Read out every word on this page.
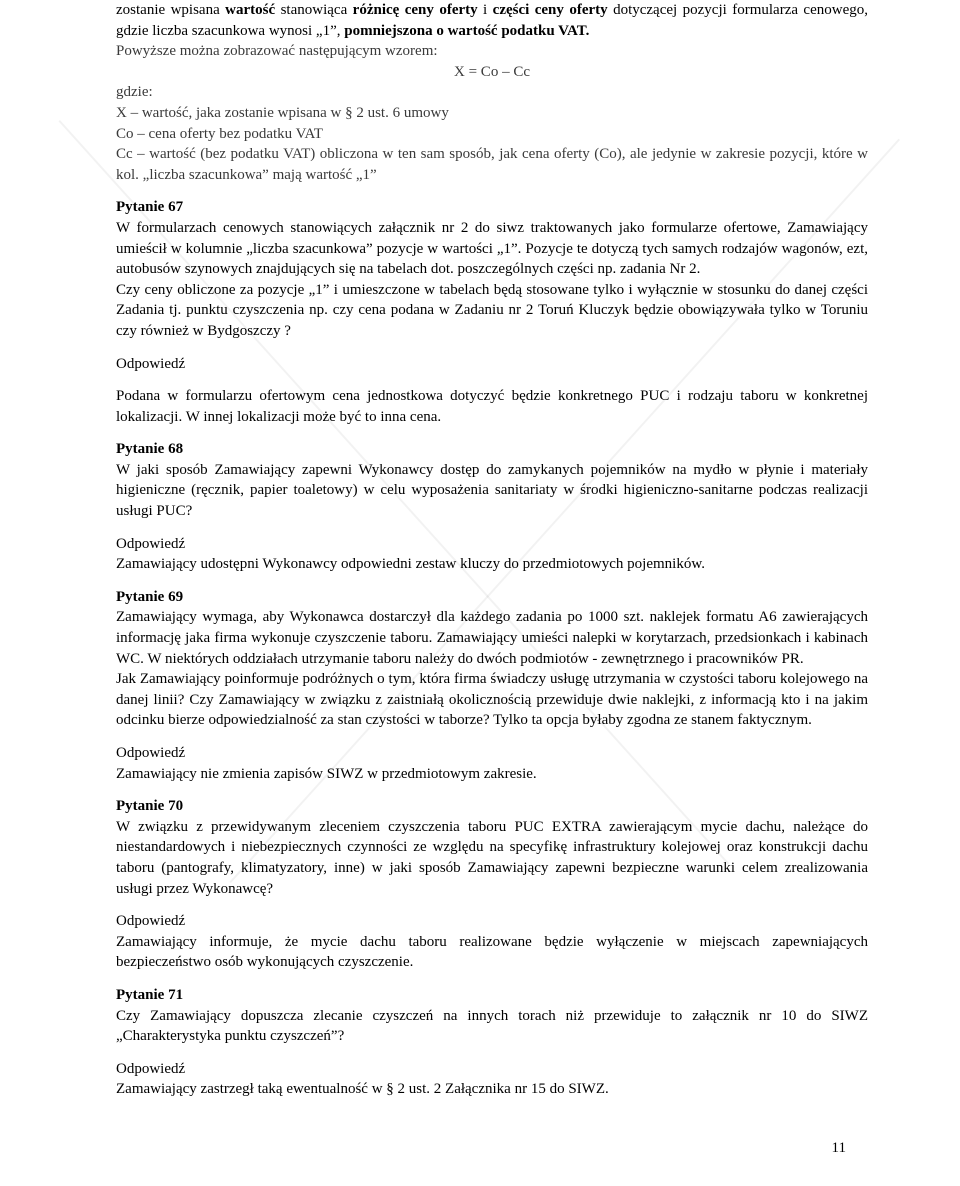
zostanie wpisana wartość stanowiąca różnicę ceny oferty i części ceny oferty dotyczącej pozycji formularza cenowego, gdzie liczba szacunkowa wynosi „1”, pomniejszona o wartość podatku VAT.

Powyższe można zobrazować następującym wzorem:

X = Co – Cc

gdzie:

X – wartość, jaka zostanie wpisana w § 2 ust. 6 umowy

Co – cena oferty bez podatku VAT

Cc – wartość (bez podatku VAT) obliczona w ten sam sposób, jak cena oferty (Co), ale jedynie w zakresie pozycji, które w kol. „liczba szacunkowa” mają wartość „1”

Pytanie 67

W formularzach cenowych stanowiących załącznik nr 2 do siwz traktowanych jako formularze ofertowe, Zamawiający umieścił w kolumnie „liczba szacunkowa” pozycje w wartości „1”. Pozycje te dotyczą tych samych rodzajów wagonów, ezt, autobusów szynowych znajdujących się na tabelach dot. poszczególnych części np. zadania Nr 2.

Czy ceny obliczone za pozycje „1” i umieszczone w tabelach będą stosowane tylko i wyłącznie w stosunku do danej części Zadania tj. punktu czyszczenia np. czy cena podana w Zadaniu nr 2 Toruń Kluczyk będzie obowiązywała tylko w Toruniu czy również w Bydgoszczy ?

Odpowiedź

Podana w formularzu ofertowym cena jednostkowa dotyczyć będzie konkretnego PUC i rodzaju taboru w konkretnej lokalizacji. W innej lokalizacji może być to inna cena.

Pytanie 68

W jaki sposób Zamawiający zapewni Wykonawcy dostęp do zamykanych pojemników na mydło w płynie i materiały higieniczne (ręcznik, papier toaletowy) w celu wyposażenia sanitariaty w środki higieniczno-sanitarne podczas realizacji usługi PUC?

Odpowiedź

Zamawiający udostępni Wykonawcy odpowiedni zestaw kluczy do przedmiotowych pojemników.

Pytanie 69

Zamawiający wymaga, aby Wykonawca dostarczył dla każdego zadania po 1000 szt. naklejek formatu A6 zawierających informację jaka firma wykonuje czyszczenie taboru. Zamawiający umieści nalepki w korytarzach, przedsionkach i kabinach WC. W niektórych oddziałach utrzymanie taboru należy do dwóch podmiotów - zewnętrznego i pracowników PR.

Jak Zamawiający poinformuje podróżnych o tym, która firma świadczy usługę utrzymania w czystości taboru kolejowego na danej linii? Czy Zamawiający w związku z zaistniałą okolicznością przewiduje dwie naklejki, z informacją kto i na jakim odcinku bierze odpowiedzialność za stan czystości w taborze? Tylko ta opcja byłaby zgodna ze stanem faktycznym.

Odpowiedź

Zamawiający nie zmienia zapisów SIWZ w przedmiotowym zakresie.

Pytanie 70

W związku z przewidywanym zleceniem czyszczenia taboru PUC EXTRA zawierającym mycie dachu, należące do niestandardowych i niebezpiecznych czynności ze względu na specyfikę infrastruktury kolejowej oraz konstrukcji dachu taboru (pantografy, klimatyzatory, inne) w jaki sposób Zamawiający zapewni bezpieczne warunki celem zrealizowania usługi przez Wykonawcę?

Odpowiedź

Zamawiający informuje, że mycie dachu taboru realizowane będzie wyłączenie w miejscach zapewniających bezpieczeństwo osób wykonujących czyszczenie.

Pytanie 71

Czy Zamawiający dopuszcza zlecanie czyszczeń na innych torach niż przewiduje to załącznik nr 10 do SIWZ „Charakterystyka punktu czyszczeń”?

Odpowiedź

Zamawiający zastrzegł taką ewentualność w § 2 ust. 2 Załącznika nr 15 do SIWZ.

11
